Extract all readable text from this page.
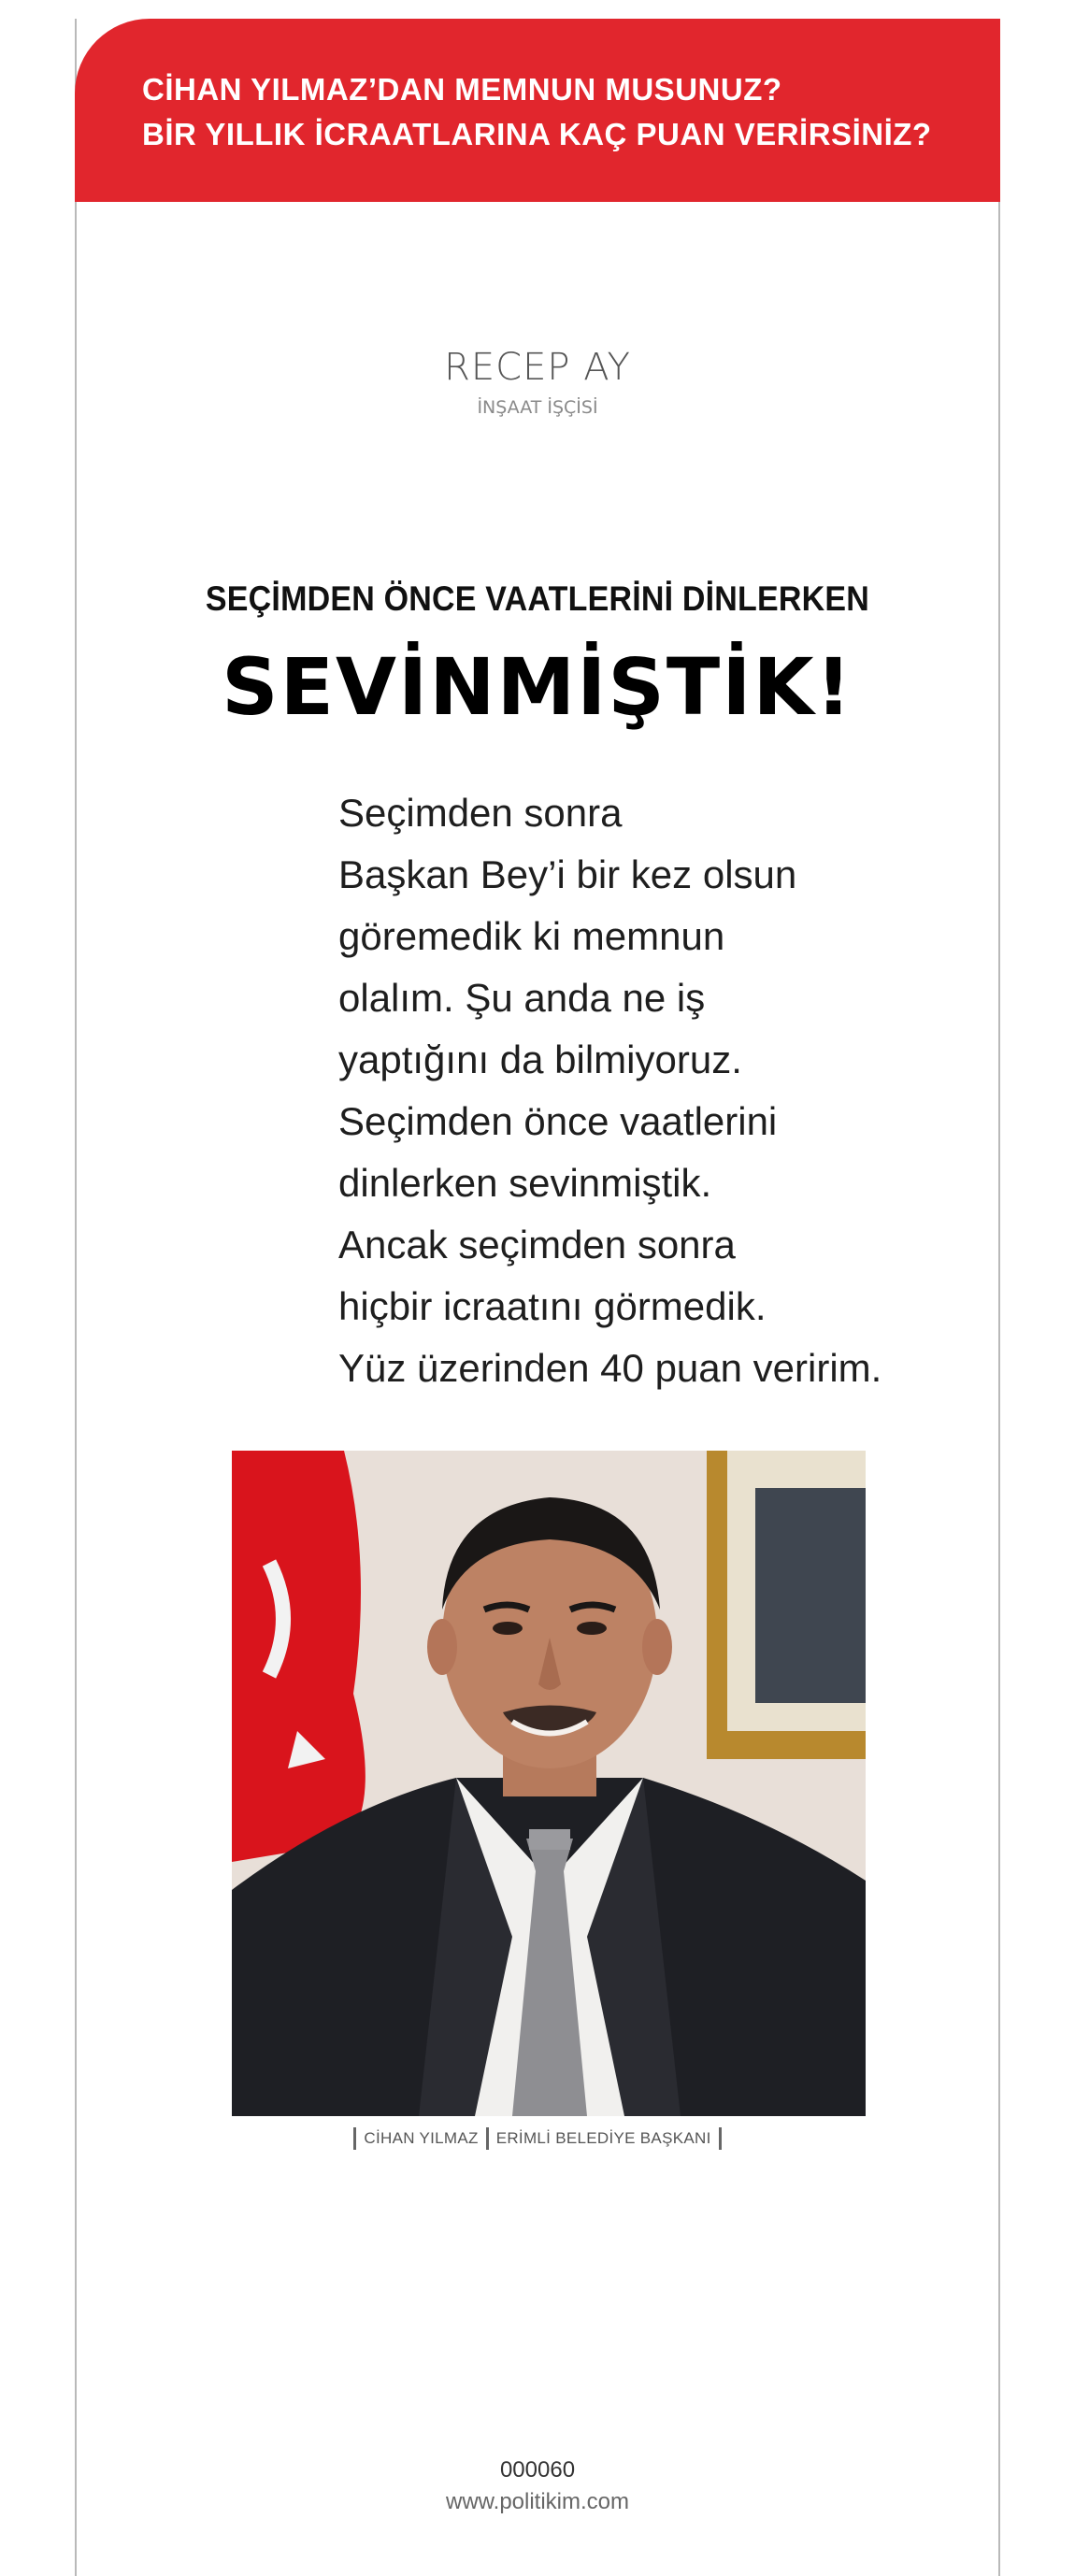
CİHAN YILMAZ’DAN MEMNUN MUSUNUZ?
BİR YILLIK İCRAATLARINA KAÇ PUAN VERİRSİNİZ?
RECEP AY
İNŞAAT İŞÇİSİ
SEÇİMDEN ÖNCE VAATLERİNİ DİNLERKEN
SEVİNMİŞTİK!
Seçimden sonra
Başkan Bey’i bir kez olsun
göremedik ki memnun
olalım. Şu anda ne iş
yaptığını da bilmiyoruz.
Seçimden önce vaatlerini
dinlerken sevinmiştik.
Ancak seçimden sonra
hiçbir icraatını görmedik.
Yüz üzerinden 40 puan veririm.
CİHAN YILMAZ ERİMLİ BELEDİYE BAŞKANI
000060
www.politikim.com
